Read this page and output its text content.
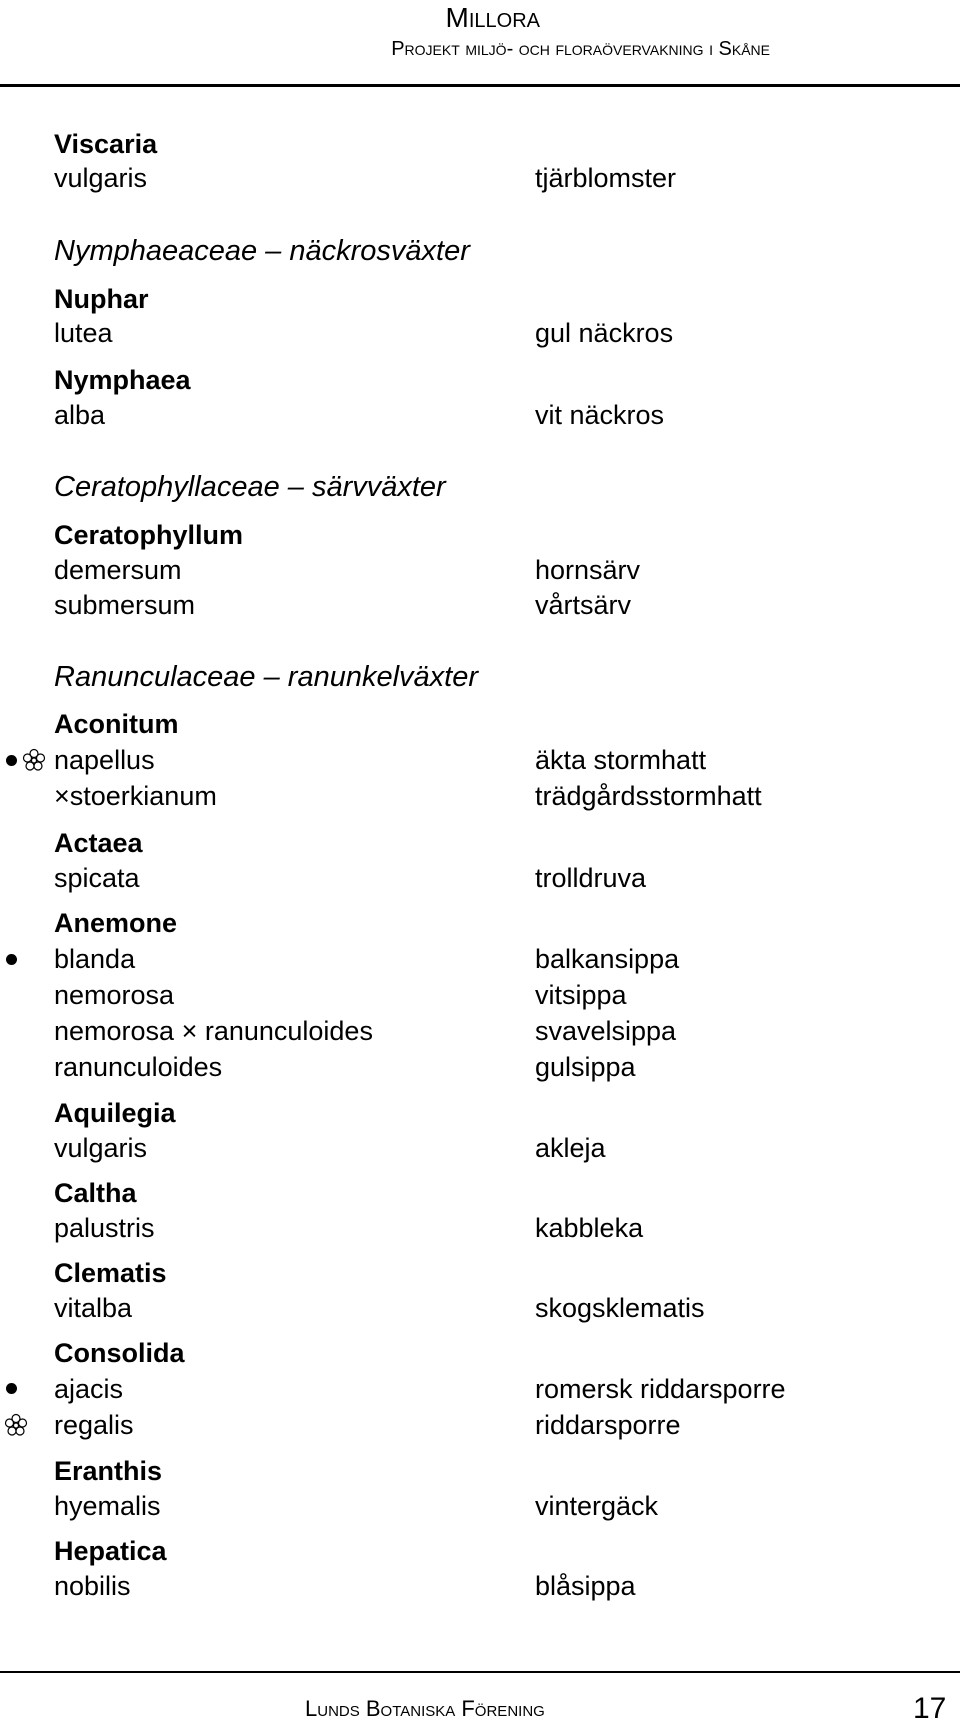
Millora
Projekt miljö- och floraövervakning i Skåne
Viscaria
vulgaris	tjärblomster
Nymphaeaceae – näckrosväxter
Nuphar
lutea	gul näckros
Nymphaea
alba	vit näckros
Ceratophyllaceae – särvväxter
Ceratophyllum
demersum	hornsärv
submersum	vårtsärv
Ranunculaceae – ranunkelväxter
Aconitum
napellus	äkta stormhatt
×stoerkianum	trädgårdsstormhatt
Actaea
spicata	trolldruva
Anemone
blanda	balkansippa
nemorosa	vitsippa
nemorosa × ranunculoides	svavelsippa
ranunculoides	gulsippa
Aquilegia
vulgaris	akleja
Caltha
palustris	kabbleka
Clematis
vitalba	skogsklematis
Consolida
ajacis	romersk riddarsporre
regalis	riddarsporre
Eranthis
hyemalis	vintergäck
Hepatica
nobilis	blåsippa
Lunds Botaniska Förening	17
